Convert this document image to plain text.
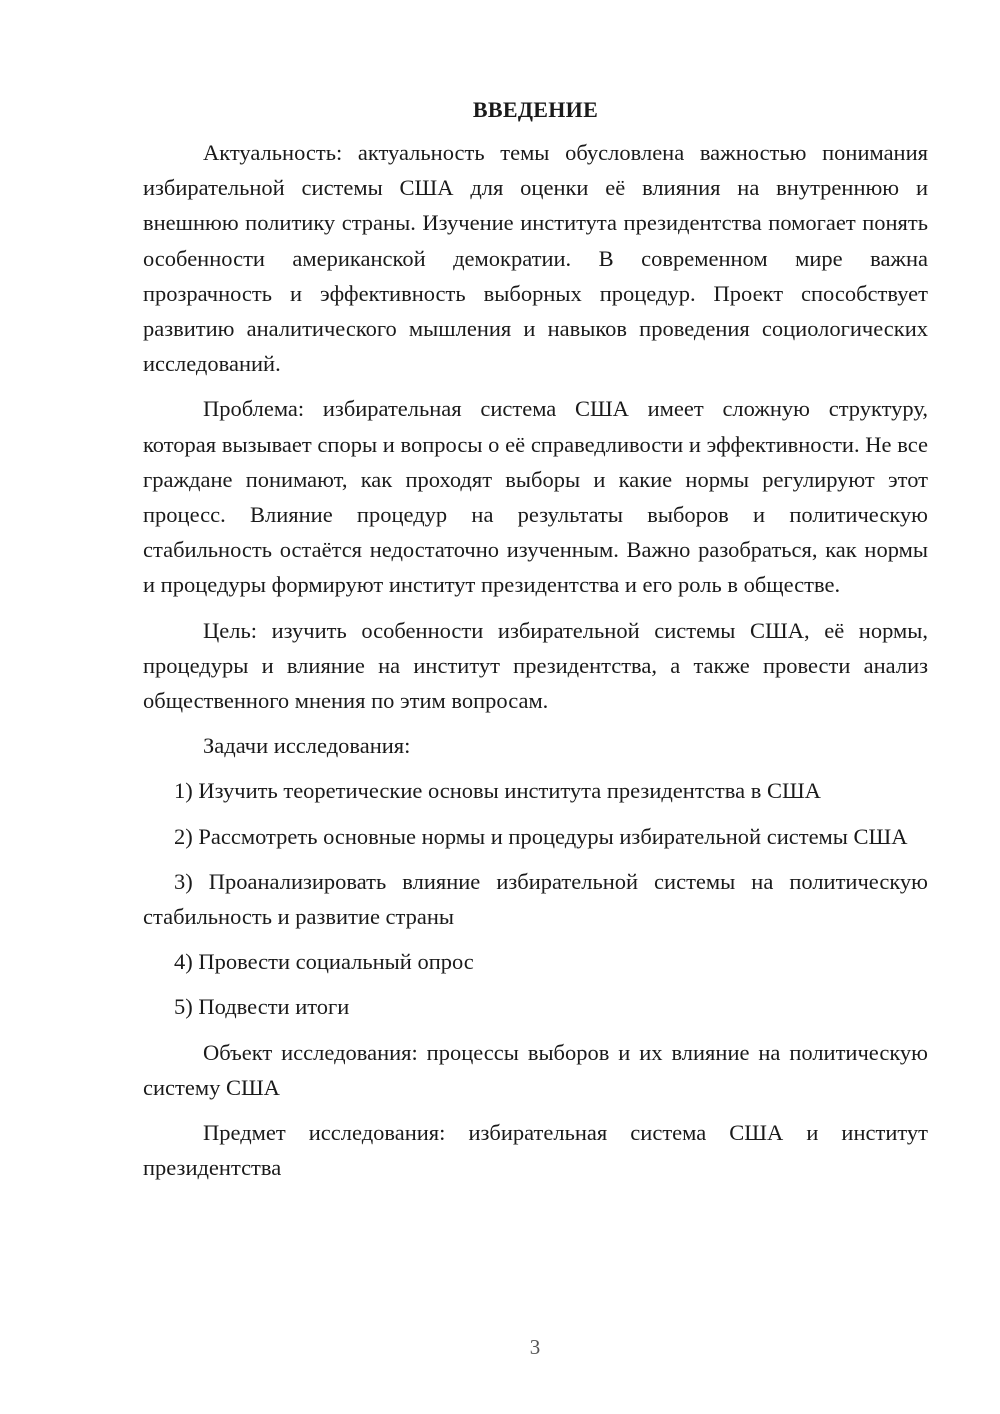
ВВЕДЕНИЕ

Актуальность: актуальность темы обусловлена важностью понимания избирательной системы США для оценки её влияния на внутреннюю и внешнюю политику страны. Изучение института президентства помогает понять особенности американской демократии. В современном мире важна прозрачность и эффективность выборных процедур. Проект способствует развитию аналитического мышления и навыков проведения социологических исследований.

Проблема: избирательная система США имеет сложную структуру, которая вызывает споры и вопросы о её справедливости и эффективности. Не все граждане понимают, как проходят выборы и какие нормы регулируют этот процесс. Влияние процедур на результаты выборов и политическую стабильность остаётся недостаточно изученным. Важно разобраться, как нормы и процедуры формируют институт президентства и его роль в обществе.

Цель: изучить особенности избирательной системы США, её нормы, процедуры и влияние на институт президентства, а также провести анализ общественного мнения по этим вопросам.

Задачи исследования:

1) Изучить теоретические основы института президентства в США

2) Рассмотреть основные нормы и процедуры избирательной системы США

3) Проанализировать влияние избирательной системы на политическую стабильность и развитие страны

4) Провести социальный опрос

5) Подвести итоги

Объект исследования: процессы выборов и их влияние на политическую систему США

Предмет исследования: избирательная система США и институт президентства

3
